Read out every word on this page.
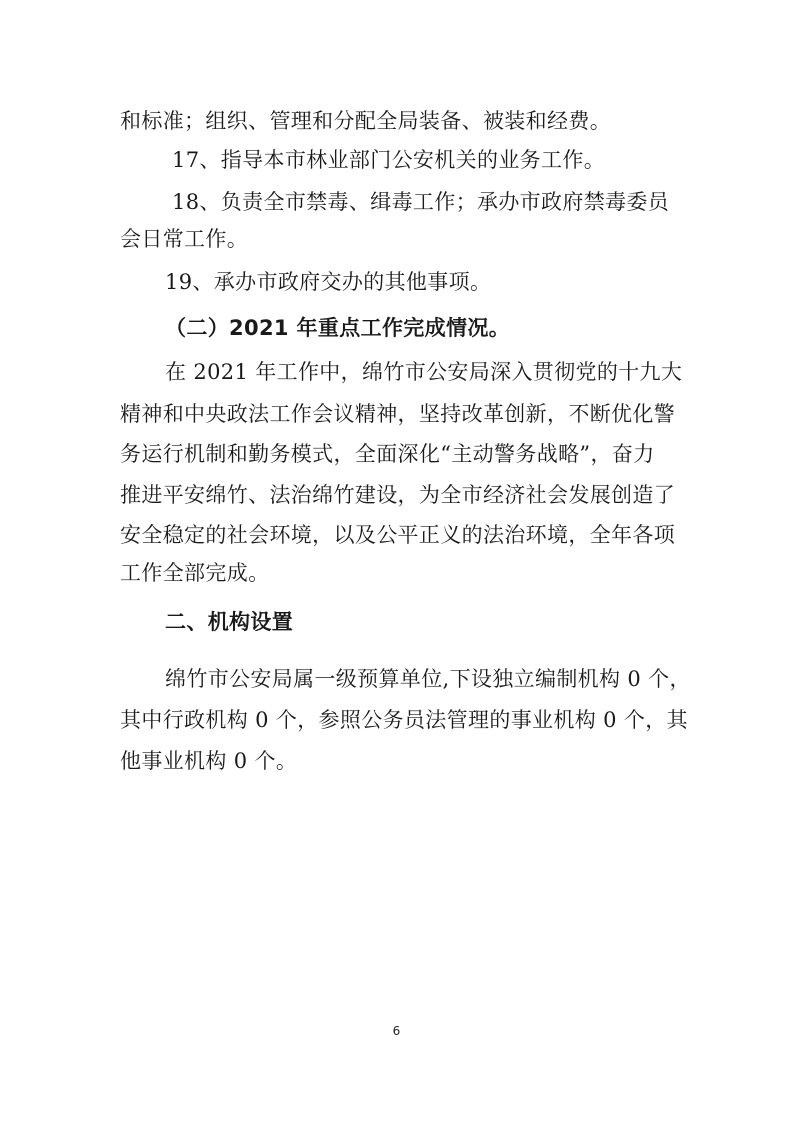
和标准；组织、管理和分配全局装备、被装和经费。
17、指导本市林业部门公安机关的业务工作。
18、负责全市禁毒、缉毒工作；承办市政府禁毒委员
会日常工作。
19、承办市政府交办的其他事项。
（二）2021 年重点工作完成情况。
在 2021 年工作中，绵竹市公安局深入贯彻党的十九大
精神和中央政法工作会议精神，坚持改革创新，不断优化警
务运行机制和勤务模式，全面深化“主动警务战略”，奋力
推进平安绵竹、法治绵竹建设，为全市经济社会发展创造了
安全稳定的社会环境，以及公平正义的法治环境，全年各项
工作全部完成。
二、机构设置
绵竹市公安局属一级预算单位,下设独立编制机构 0 个，
其中行政机构 0 个，参照公务员法管理的事业机构 0 个，其
他事业机构 0 个。
6
